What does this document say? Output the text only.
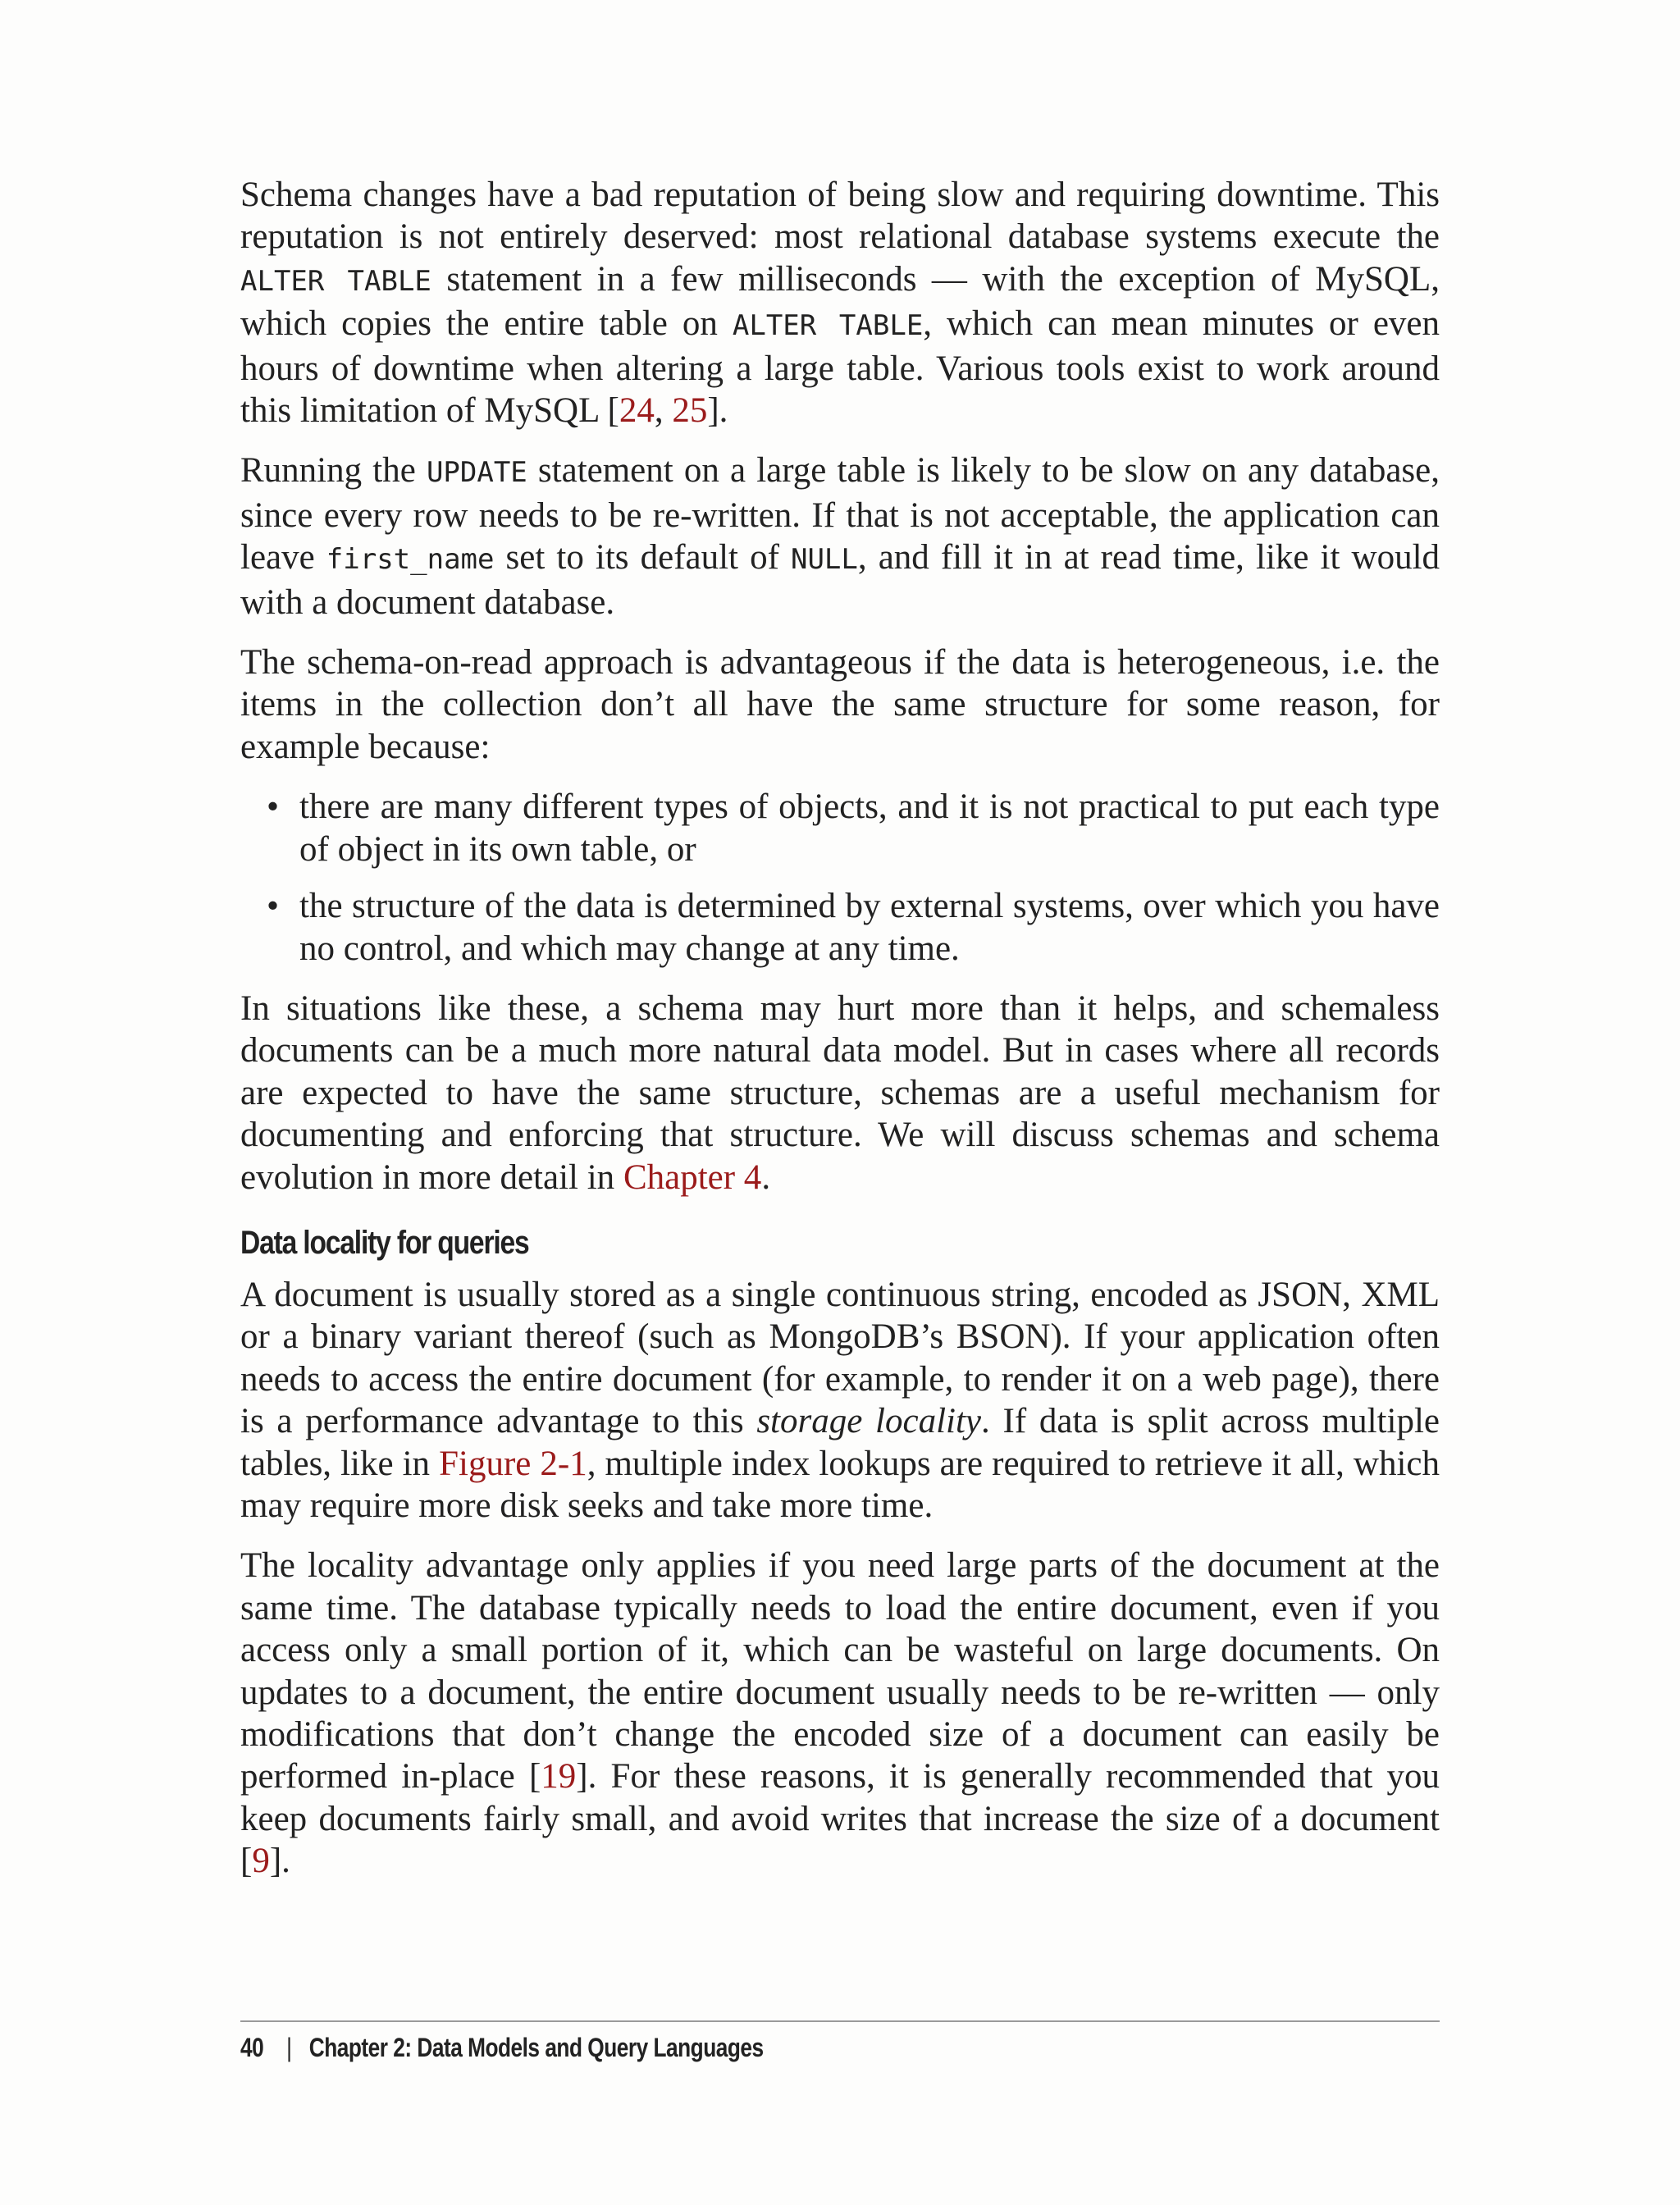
Schema changes have a bad reputation of being slow and requiring downtime. This reputation is not entirely deserved: most relational database systems execute the ALTER TABLE statement in a few milliseconds — with the exception of MySQL, which copies the entire table on ALTER TABLE, which can mean minutes or even hours of downtime when altering a large table. Various tools exist to work around this limitation of MySQL [24, 25].

Running the UPDATE statement on a large table is likely to be slow on any database, since every row needs to be re-written. If that is not acceptable, the application can leave first_name set to its default of NULL, and fill it in at read time, like it would with a document database.

The schema-on-read approach is advantageous if the data is heterogeneous, i.e. the items in the collection don’t all have the same structure for some reason, for example because:

• there are many different types of objects, and it is not practical to put each type of object in its own table, or
• the structure of the data is determined by external systems, over which you have no control, and which may change at any time.

In situations like these, a schema may hurt more than it helps, and schemaless documents can be a much more natural data model. But in cases where all records are expected to have the same structure, schemas are a useful mechanism for documenting and enforcing that structure. We will discuss schemas and schema evolution in more detail in Chapter 4.

Data locality for queries

A document is usually stored as a single continuous string, encoded as JSON, XML or a binary variant thereof (such as MongoDB’s BSON). If your application often needs to access the entire document (for example, to render it on a web page), there is a performance advantage to this storage locality. If data is split across multiple tables, like in Figure 2-1, multiple index lookups are required to retrieve it all, which may require more disk seeks and take more time.

The locality advantage only applies if you need large parts of the document at the same time. The database typically needs to load the entire document, even if you access only a small portion of it, which can be wasteful on large documents. On updates to a document, the entire document usually needs to be re-written — only modifications that don’t change the encoded size of a document can easily be performed in-place [19]. For these reasons, it is generally recommended that you keep documents fairly small, and avoid writes that increase the size of a document [9].

40 | Chapter 2: Data Models and Query Languages
